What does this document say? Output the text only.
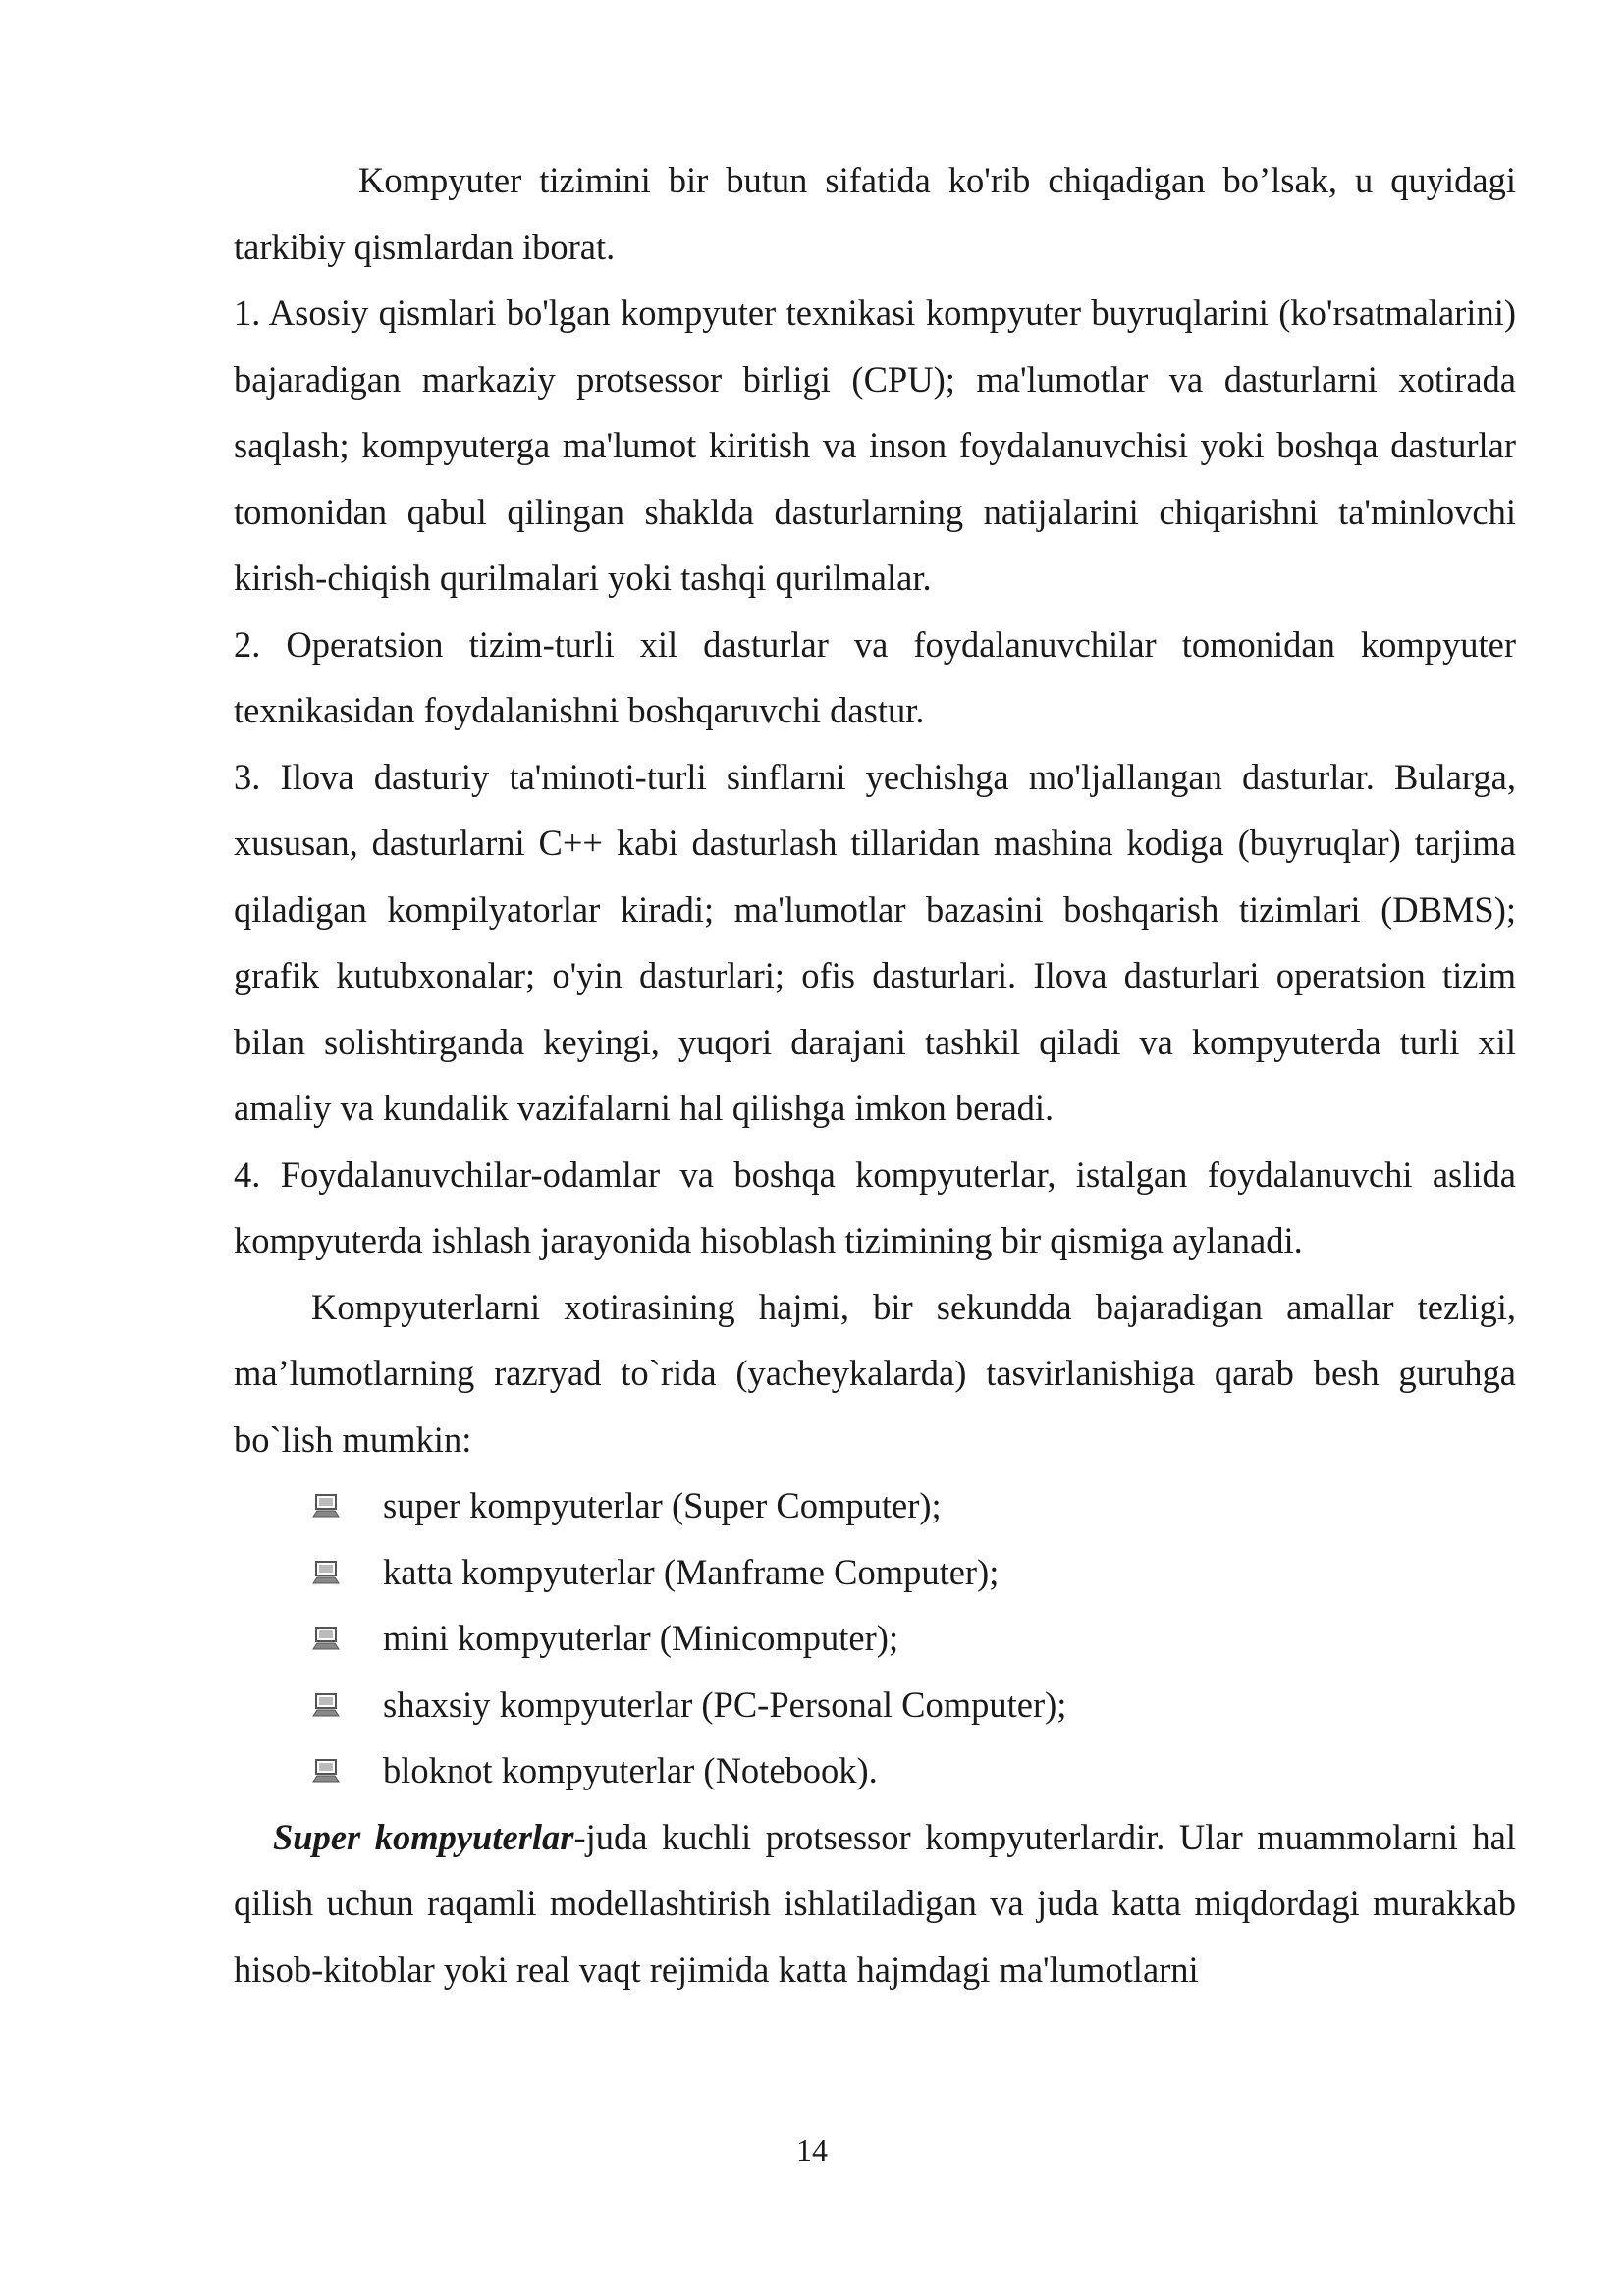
Kompyuter tizimini bir butun sifatida ko'rib chiqadigan bo’lsak, u quyidagi tarkibiy qismlardan iborat.

1. Asosiy qismlari bo'lgan kompyuter texnikasi kompyuter buyruqlarini (ko'rsatmalarini) bajaradigan markaziy protsessor birligi (CPU); ma'lumotlar va dasturlarni xotirada saqlash; kompyuterga ma'lumot kiritish va inson foydalanuvchisi yoki boshqa dasturlar tomonidan qabul qilingan shaklda dasturlarning natijalarini chiqarishni ta'minlovchi kirish-chiqish qurilmalari yoki tashqi qurilmalar.

2. Operatsion tizim-turli xil dasturlar va foydalanuvchilar tomonidan kompyuter texnikasidan foydalanishni boshqaruvchi dastur.

3. Ilova dasturiy ta'minoti-turli sinflarni yechishga mo'ljallangan dasturlar. Bularga, xususan, dasturlarni C++ kabi dasturlash tillaridan mashina kodiga (buyruqlar) tarjima qiladigan kompilyatorlar kiradi; ma'lumotlar bazasini boshqarish tizimlari (DBMS); grafik kutubxonalar; o'yin dasturlari; ofis dasturlari. Ilova dasturlari operatsion tizim bilan solishtirganda keyingi, yuqori darajani tashkil qiladi va kompyuterda turli xil amaliy va kundalik vazifalarni hal qilishga imkon beradi.

4. Foydalanuvchilar-odamlar va boshqa kompyuterlar, istalgan foydalanuvchi aslida kompyuterda ishlash jarayonida hisoblash tizimining bir qismiga aylanadi.

Kompyuterlarni xotirasining hajmi, bir sekundda bajaradigan amallar tezligi, ma’lumotlarning razryad to`rida (yacheykalarda) tasvirlanishiga qarab besh guruhga bo`lish mumkin:

super kompyuterlar (Super Computer);
katta kompyuterlar (Manframe Computer);
mini kompyuterlar (Minicomputer);
shaxsiy kompyuterlar (PC-Personal Computer);
bloknot kompyuterlar (Notebook).

Super kompyuterlar-juda kuchli protsessor kompyuterlardir. Ular muammolarni hal qilish uchun raqamli modellashtirish ishlatiladigan va juda katta miqdordagi murakkab hisob-kitoblar yoki real vaqt rejimida katta hajmdagi ma'lumotlarni

14
